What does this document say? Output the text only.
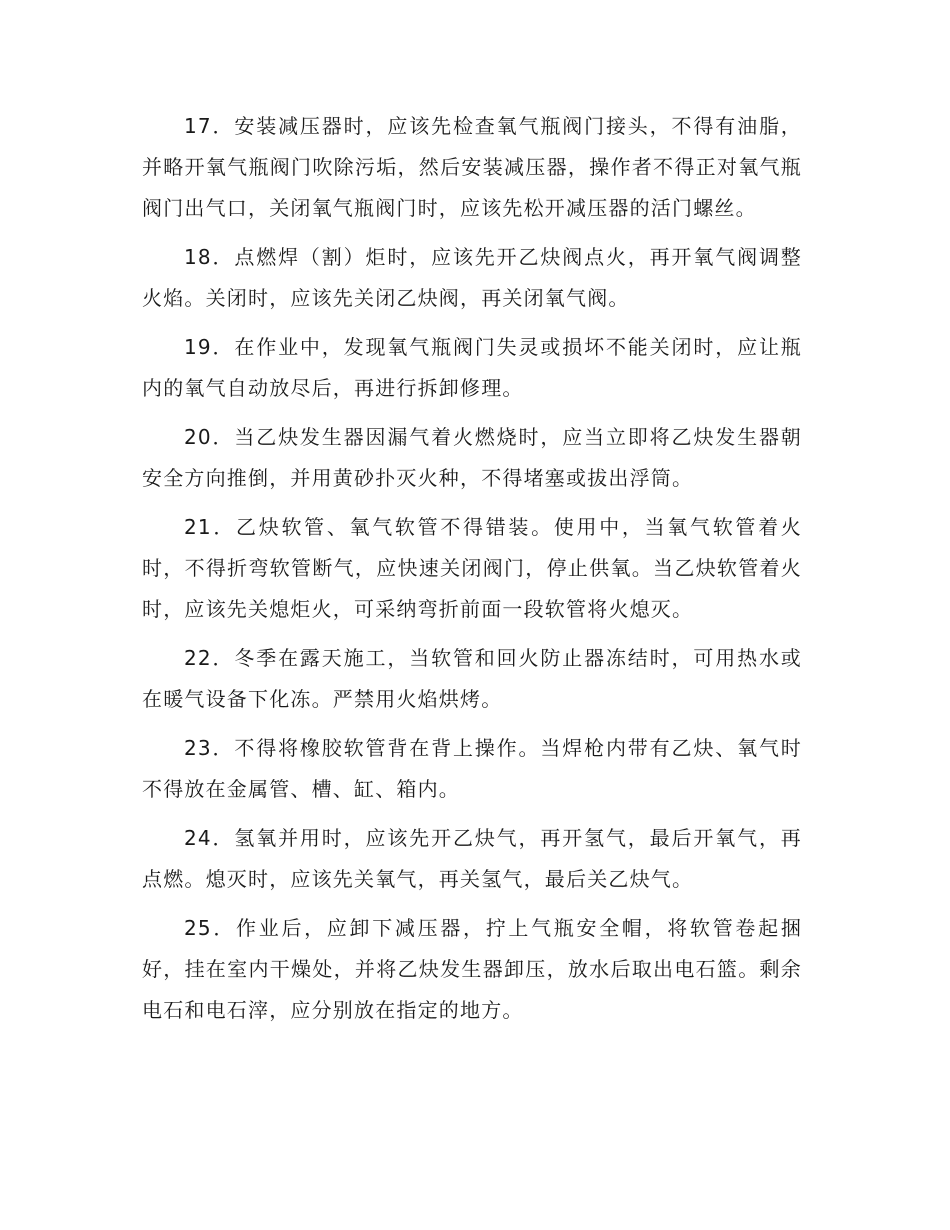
17．安装减压器时，应该先检查氧气瓶阀门接头，不得有油脂，并略开氧气瓶阀门吹除污垢，然后安装减压器，操作者不得正对氧气瓶阀门出气口，关闭氧气瓶阀门时，应该先松开减压器的活门螺丝。

18．点燃焊（割）炬时，应该先开乙炔阀点火，再开氧气阀调整火焰。关闭时，应该先关闭乙炔阀，再关闭氧气阀。

19．在作业中，发现氧气瓶阀门失灵或损坏不能关闭时，应让瓶内的氧气自动放尽后，再进行拆卸修理。

20．当乙炔发生器因漏气着火燃烧时，应当立即将乙炔发生器朝安全方向推倒，并用黄砂扑灭火种，不得堵塞或拔出浮筒。

21．乙炔软管、氧气软管不得错装。使用中，当氧气软管着火时，不得折弯软管断气，应快速关闭阀门，停止供氧。当乙炔软管着火时，应该先关熄炬火，可采纳弯折前面一段软管将火熄灭。

22．冬季在露天施工，当软管和回火防止器冻结时，可用热水或在暖气设备下化冻。严禁用火焰烘烤。

23．不得将橡胶软管背在背上操作。当焊枪内带有乙炔、氧气时不得放在金属管、槽、缸、箱内。

24．氢氧并用时，应该先开乙炔气，再开氢气，最后开氧气，再点燃。熄灭时，应该先关氧气，再关氢气，最后关乙炔气。

25．作业后，应卸下减压器，拧上气瓶安全帽，将软管卷起捆好，挂在室内干燥处，并将乙炔发生器卸压，放水后取出电石篮。剩余电石和电石滓，应分别放在指定的地方。
